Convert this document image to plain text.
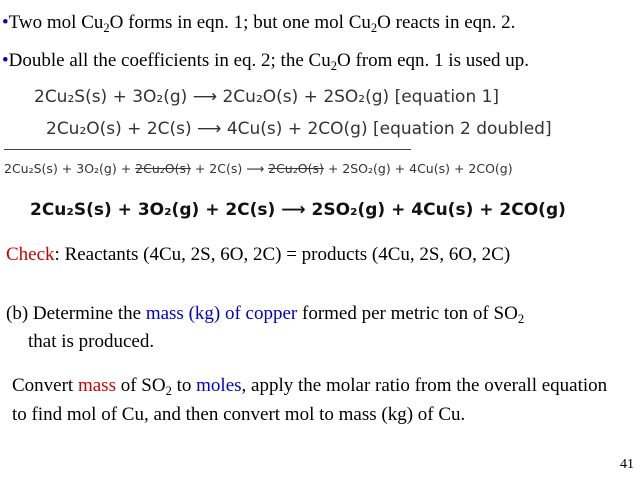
•Two mol $Cu_2O$ forms in eqn. 1; but one mol $Cu_2O$ reacts in eqn. 2.
•Double all the coefficients in eq. 2; the $Cu_2O$ from eqn. 1 is used up.
2Cu₂S(s) + 3O₂(g) ⟶ 2Cu₂O(s) + 2SO₂(g) [equation 1]
2Cu₂O(s) + 2C(s) ⟶ 4Cu(s) + 2CO(g) [equation 2 doubled]
2Cu₂S(s) + 3O₂(g) + 2Cu₂O(s) + 2C(s) ⟶ 2Cu₂O(s) + 2SO₂(g) + 4Cu(s) + 2CO(g)
2Cu₂S(s) + 3O₂(g) + 2C(s) ⟶ 2SO₂(g) + 4Cu(s) + 2CO(g)
Check: Reactants (4Cu, 2S, 6O, 2C) = products (4Cu, 2S, 6O, 2C)
(b) Determine the mass (kg) of copper formed per metric ton of $SO_2$
that is produced.
Convert mass of $SO_2$ to moles, apply the molar ratio from the overall equation to find mol of Cu, and then convert mol to mass (kg) of Cu.
41
